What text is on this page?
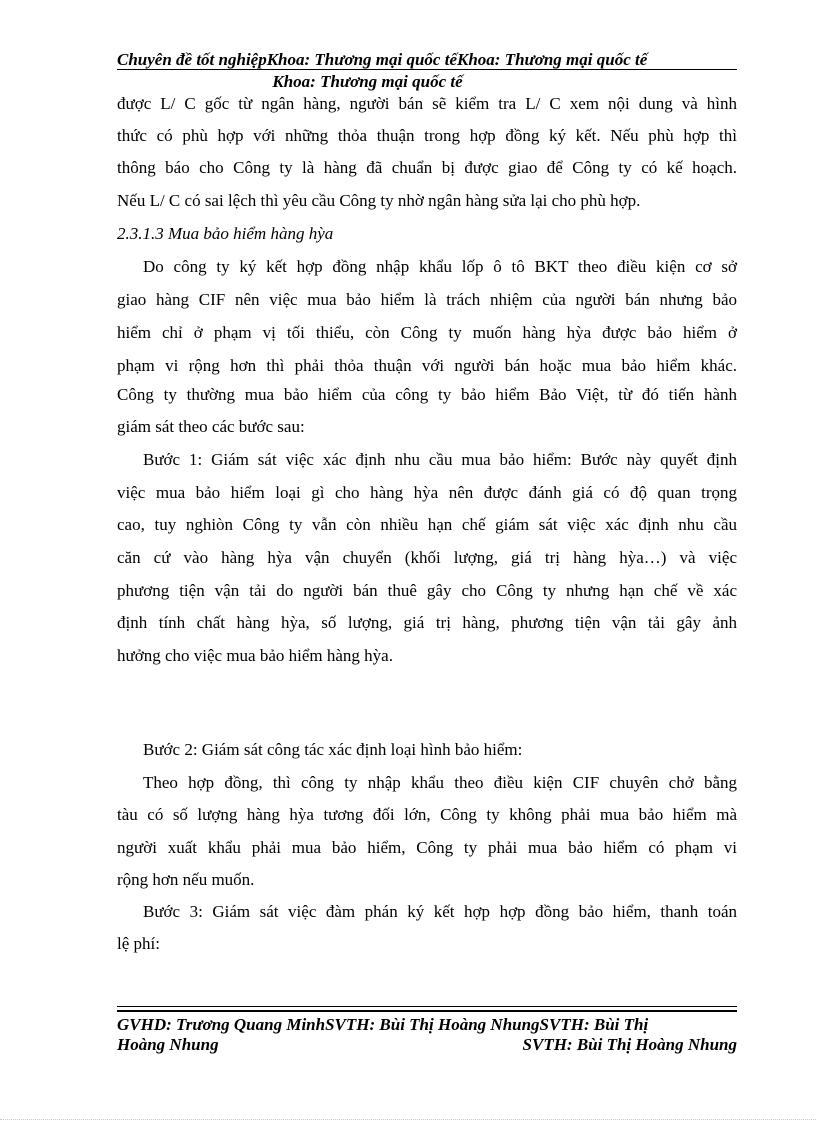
Chuyên đề tốt nghiệpKhoa: Thương mại quốc tếKhoa: Thương mại quốc tế
Khoa: Thương mại quốc tế
được L/ C gốc từ ngân hàng, người bán sẽ kiểm tra L/ C xem nội dung và hình
thức có phù hợp với những thỏa thuận trong hợp đồng ký kết. Nếu phù hợp thì
thông báo cho Công ty là hàng đã chuẩn bị được giao để Công ty có kế hoạch.
Nếu L/ C có sai lệch thì yêu cầu Công ty nhờ ngân hàng sửa lại cho phù hợp.
2.3.1.3 Mua bảo hiểm hàng hỳa
Do công ty ký kết hợp đồng nhập khẩu lốp ô tô BKT theo điều kiện cơ sở
giao hàng CIF nên việc mua bảo hiểm là trách nhiệm của người bán nhưng bảo
hiểm chỉ ở phạm vị tối thiểu, còn Công ty muốn hàng hỳa được bảo hiểm ở
phạm vi rộng hơn thì phải thỏa thuận với người bán hoặc mua bảo hiểm khác.
Công ty thường mua bảo hiểm của công ty bảo hiểm Bảo Việt, từ đó tiến hành
giám sát theo các bước sau:
Bước 1: Giám sát việc xác định nhu cầu mua bảo hiểm: Bước này quyết định
việc mua bảo hiểm loại gì cho hàng hỳa nên được đánh giá có độ quan trọng
cao, tuy nghiòn Công ty vẫn còn nhiều hạn chế giám sát việc xác định nhu cầu
căn cứ vào hàng hỳa vận chuyển (khối lượng, giá trị hàng hỳa…) và việc
phương tiện vận tải do người bán thuê gây cho Công ty nhưng hạn chế về xác
định tính chất hàng hỳa, số lượng, giá trị hàng, phương tiện vận tải gây ảnh
hưởng cho việc mua bảo hiểm hàng hỳa.
Bước 2: Giám sát công tác xác định loại hình bảo hiểm:
Theo hợp đồng, thì công ty nhập khẩu theo điều kiện CIF chuyên chở bằng
tàu có số lượng hàng hỳa tương đối lớn, Công ty không phải mua bảo hiểm mà
người xuất khẩu phải mua bảo hiểm, Công ty phải mua bảo hiểm có phạm vi
rộng hơn nếu muốn.
Bước 3: Giám sát việc đàm phán ký kết hợp hợp đồng bảo hiểm, thanh toán
lệ phí:
GVHD: Trương Quang MinhSVTH: Bùi Thị Hoàng NhungSVTH: Bùi Thị
Hoàng Nhung	SVTH: Bùi Thị Hoàng Nhung
